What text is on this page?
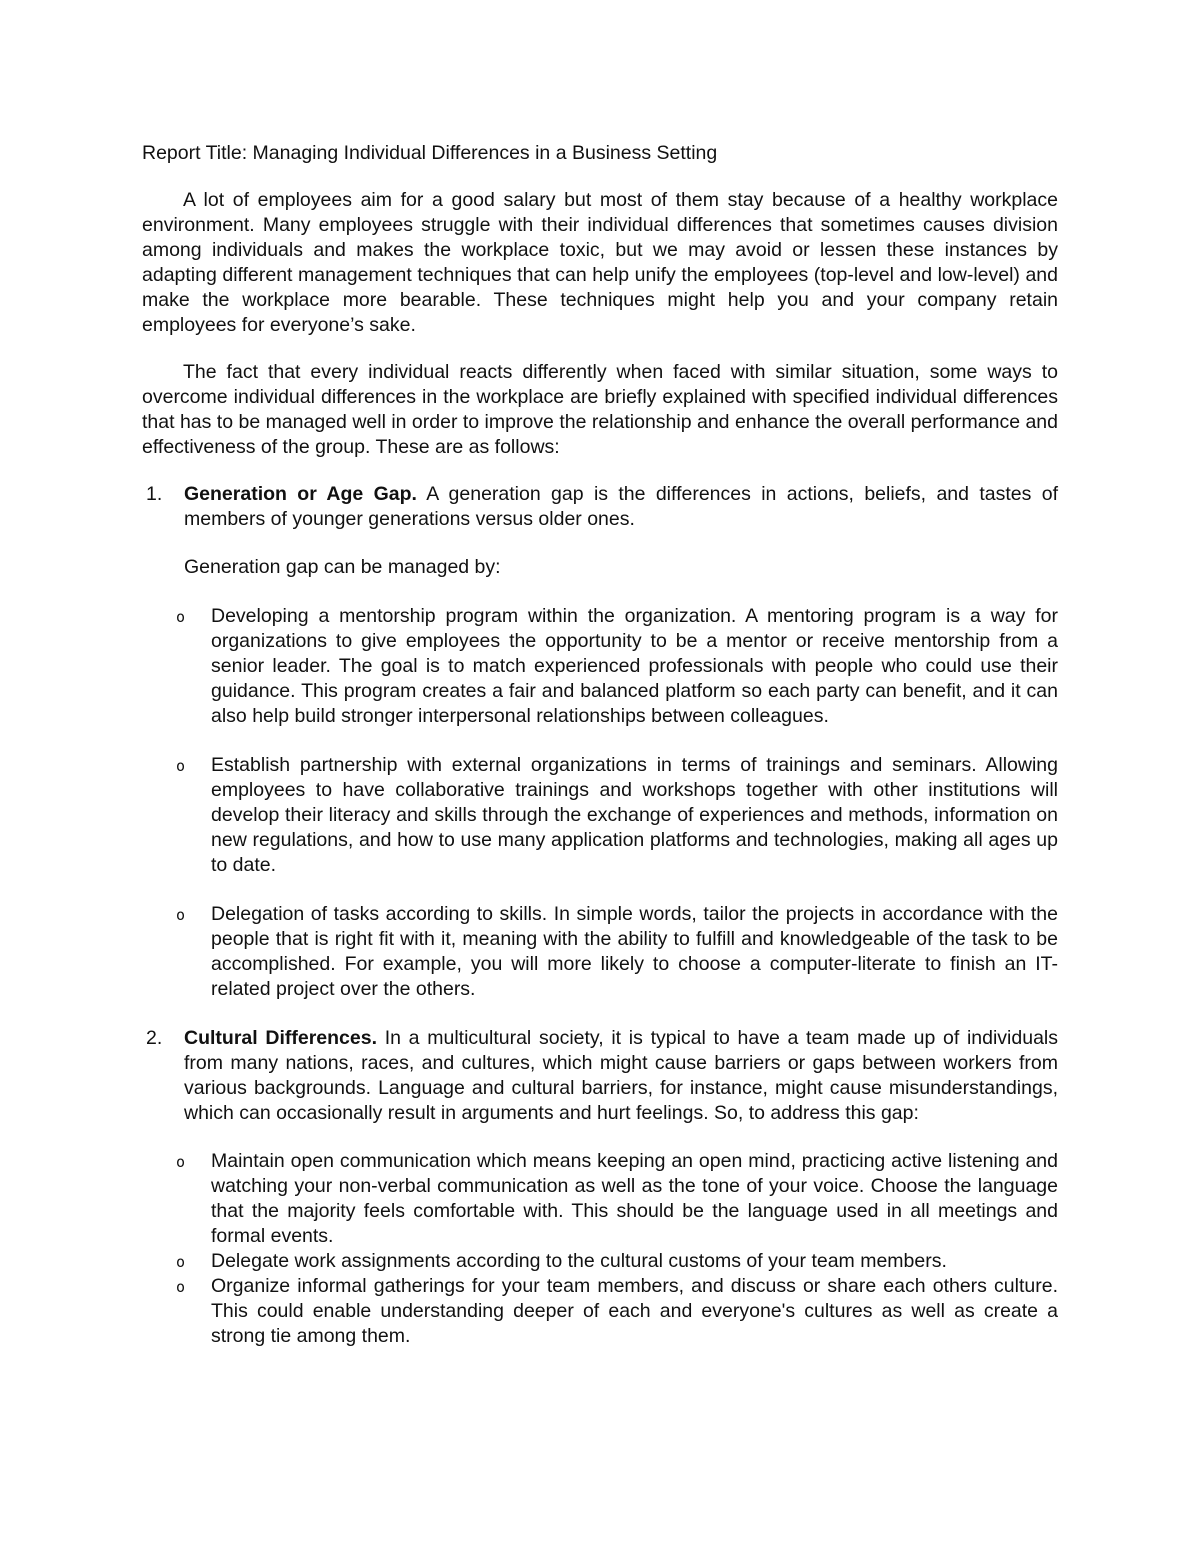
Report Title: Managing Individual Differences in a Business Setting

A lot of employees aim for a good salary but most of them stay because of a healthy workplace environment. Many employees struggle with their individual differences that sometimes causes division among individuals and makes the workplace toxic, but we may avoid or lessen these instances by adapting different management techniques that can help unify the employees (top-level and low-level) and make the workplace more bearable. These techniques might help you and your company retain employees for everyone’s sake.

The fact that every individual reacts differently when faced with similar situation, some ways to overcome individual differences in the workplace are briefly explained with specified individual differences that has to be managed well in order to improve the relationship and enhance the overall performance and effectiveness of the group. These are as follows:

1. Generation or Age Gap. A generation gap is the differences in actions, beliefs, and tastes of members of younger generations versus older ones.
Generation gap can be managed by:
o Developing a mentorship program within the organization. A mentoring program is a way for organizations to give employees the opportunity to be a mentor or receive mentorship from a senior leader. The goal is to match experienced professionals with people who could use their guidance. This program creates a fair and balanced platform so each party can benefit, and it can also help build stronger interpersonal relationships between colleagues.
o Establish partnership with external organizations in terms of trainings and seminars. Allowing employees to have collaborative trainings and workshops together with other institutions will develop their literacy and skills through the exchange of experiences and methods, information on new regulations, and how to use many application platforms and technologies, making all ages up to date.
o Delegation of tasks according to skills. In simple words, tailor the projects in accordance with the people that is right fit with it, meaning with the ability to fulfill and knowledgeable of the task to be accomplished. For example, you will more likely to choose a computer-literate to finish an IT-related project over the others.
2. Cultural Differences. In a multicultural society, it is typical to have a team made up of individuals from many nations, races, and cultures, which might cause barriers or gaps between workers from various backgrounds. Language and cultural barriers, for instance, might cause misunderstandings, which can occasionally result in arguments and hurt feelings. So, to address this gap:
o Maintain open communication which means keeping an open mind, practicing active listening and watching your non-verbal communication as well as the tone of your voice. Choose the language that the majority feels comfortable with. This should be the language used in all meetings and formal events.
o Delegate work assignments according to the cultural customs of your team members.
o Organize informal gatherings for your team members, and discuss or share each others culture. This could enable understanding deeper of each and everyone's cultures as well as create a strong tie among them.
